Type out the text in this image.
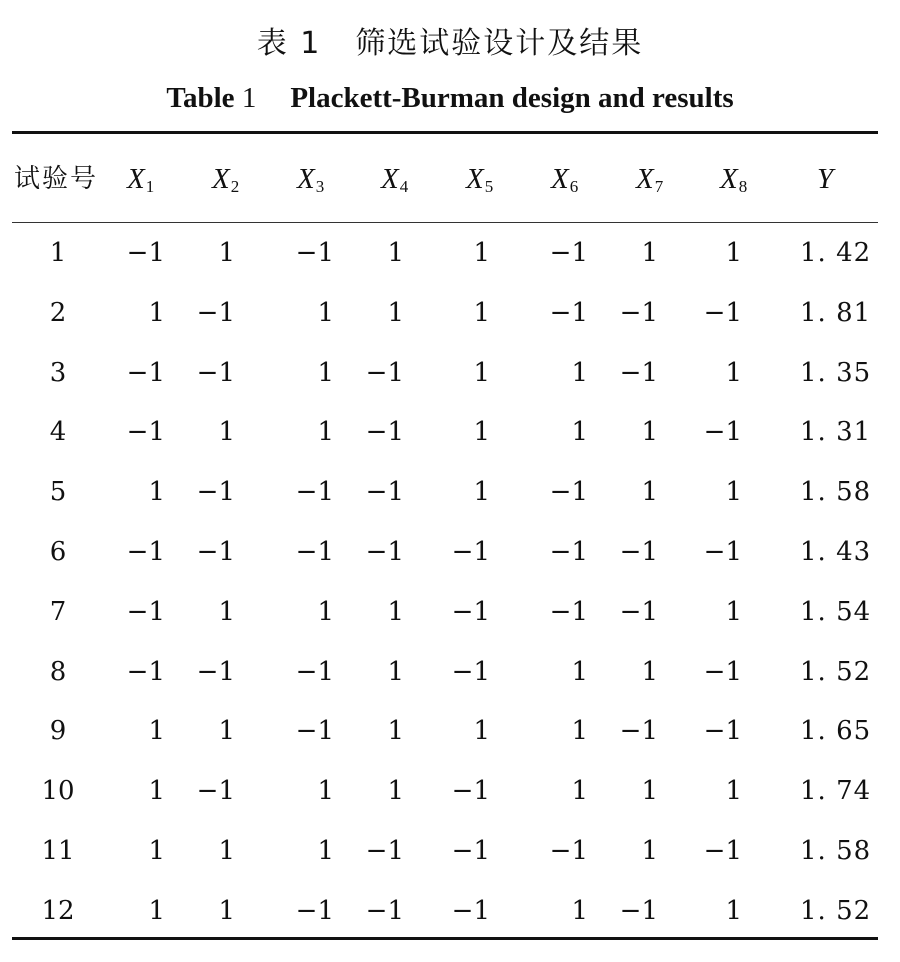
表 1 筛选试验设计及结果
Table 1 Plackett-Burman design and results
试验号 $X_1$ $X_2$ $X_3$ $X_4$ $X_5$ $X_6$ $X_7$ $X_8$ Y
1	−1	1	−1	1	1	−1	1	1 1. 42
2	1	−1	1	1	1	−1	−1	−1 1. 81
3	−1	−1	1	−1	1	1	−1	1 1. 35
4	−1	1	1	−1	1	1	1	−1 1. 31
5	1	−1	−1	−1	1	−1	1	1 1. 58
6	−1	−1	−1	−1	−1	−1	−1	−1 1. 43
7	−1	1	1	1	−1	−1	−1	1 1. 54
8	−1	−1	−1	1	−1	1	1	−1 1. 52
9	1	1	−1	1	1	1	−1	−1 1. 65
10	1	−1	1	1	−1	1	1	1 1. 74
11	1	1	1	−1	−1	−1	1	−1 1. 58
12	1	1	−1	−1	−1	1	−1	1 1. 52
